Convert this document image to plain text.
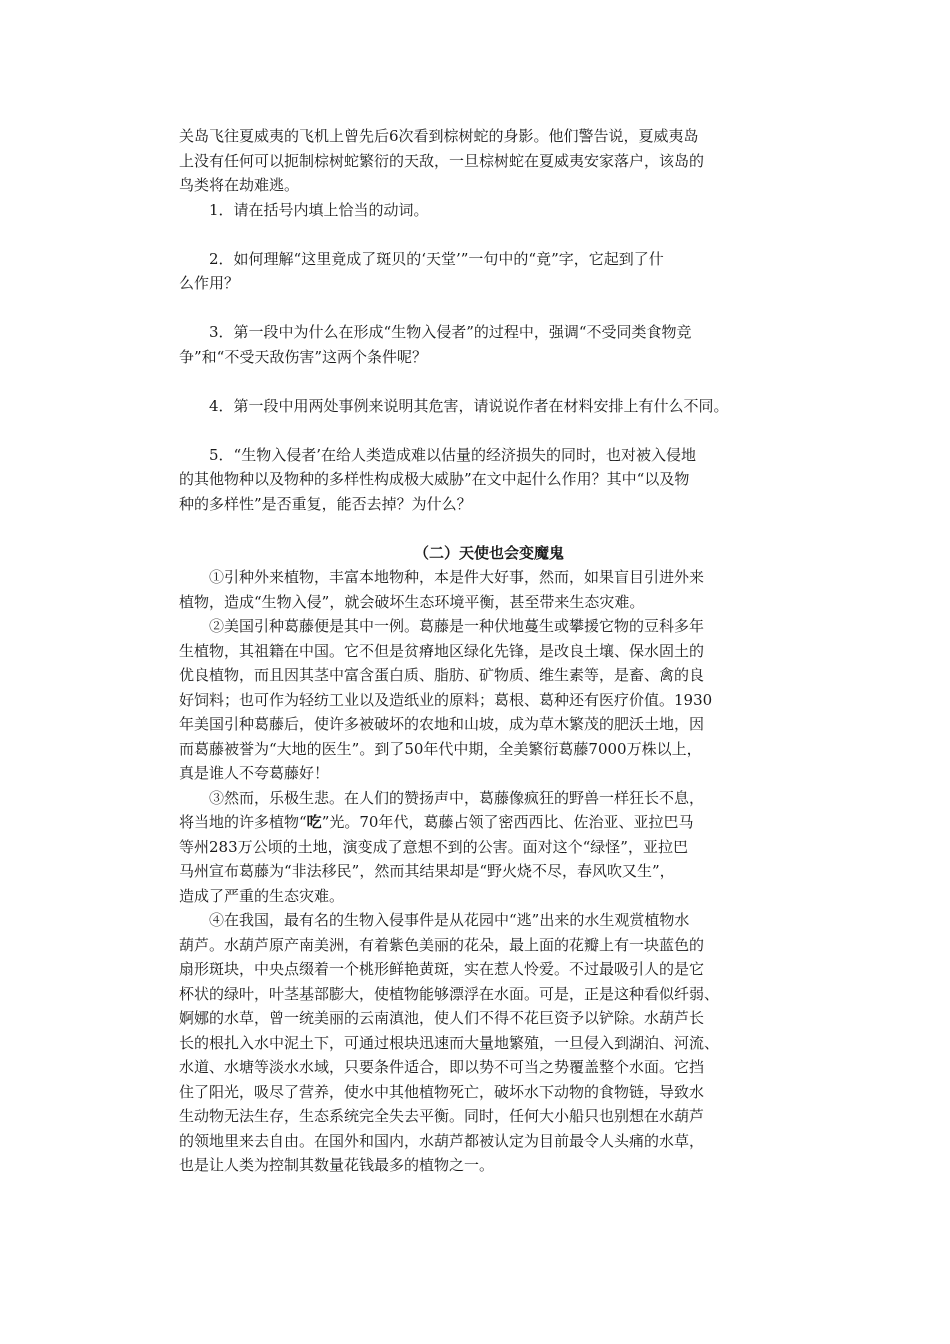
关岛飞往夏威夷的飞机上曾先后6次看到棕树蛇的身影。他们警告说，夏威夷岛
上没有任何可以扼制棕树蛇繁衍的天敌，一旦棕树蛇在夏威夷安家落户，该岛的
鸟类将在劫难逃。
1．请在括号内填上恰当的动词。
2．如何理解“这里竟成了斑贝的‘天堂’”一句中的“竟”字，它起到了什
么作用？
3．第一段中为什么在形成“生物入侵者”的过程中，强调“不受同类食物竞
争”和“不受天敌伤害”这两个条件呢？
4．第一段中用两处事例来说明其危害，请说说作者在材料安排上有什么不同。
5．“生物入侵者’在给人类造成难以估量的经济损失的同时，也对被入侵地
的其他物种以及物种的多样性构成极大威胁”在文中起什么作用？其中“以及物
种的多样性”是否重复，能否去掉？为什么？
（二）天使也会变魔鬼
①引种外来植物，丰富本地物种，本是件大好事，然而，如果盲目引进外来
植物，造成“生物入侵”，就会破坏生态环境平衡，甚至带来生态灾难。
②美国引种葛藤便是其中一例。葛藤是一种伏地蔓生或攀援它物的豆科多年
生植物，其祖籍在中国。它不但是贫瘠地区绿化先锋，是改良土壤、保水固土的
优良植物，而且因其茎中富含蛋白质、脂肪、矿物质、维生素等，是畜、禽的良
好饲料；也可作为轻纺工业以及造纸业的原料；葛根、葛种还有医疗价值。1930
年美国引种葛藤后，使许多被破坏的农地和山坡，成为草木繁茂的肥沃土地，因
而葛藤被誉为“大地的医生”。到了50年代中期，全美繁衍葛藤7000万株以上，
真是谁人不夸葛藤好！
③然而，乐极生悲。在人们的赞扬声中，葛藤像疯狂的野兽一样狂长不息，
将当地的许多植物“吃”光。70年代，葛藤占领了密西西比、佐治亚、亚拉巴马
等州283万公顷的土地，演变成了意想不到的公害。面对这个“绿怪”，亚拉巴
马州宣布葛藤为“非法移民”，然而其结果却是“野火烧不尽，春风吹又生”，
造成了严重的生态灾难。
④在我国，最有名的生物入侵事件是从花园中“逃”出来的水生观赏植物水
葫芦。水葫芦原产南美洲，有着紫色美丽的花朵，最上面的花瓣上有一块蓝色的
扇形斑块，中央点缀着一个桃形鲜艳黄斑，实在惹人怜爱。不过最吸引人的是它
杯状的绿叶，叶茎基部膨大，使植物能够漂浮在水面。可是，正是这种看似纤弱、
婀娜的水草，曾一统美丽的云南滇池，使人们不得不花巨资予以铲除。水葫芦长
长的根扎入水中泥土下，可通过根块迅速而大量地繁殖，一旦侵入到湖泊、河流、
水道、水塘等淡水水域，只要条件适合，即以势不可当之势覆盖整个水面。它挡
住了阳光，吸尽了营养，使水中其他植物死亡，破坏水下动物的食物链，导致水
生动物无法生存，生态系统完全失去平衡。同时，任何大小船只也别想在水葫芦
的领地里来去自由。在国外和国内，水葫芦都被认定为目前最令人头痛的水草，
也是让人类为控制其数量花钱最多的植物之一。
